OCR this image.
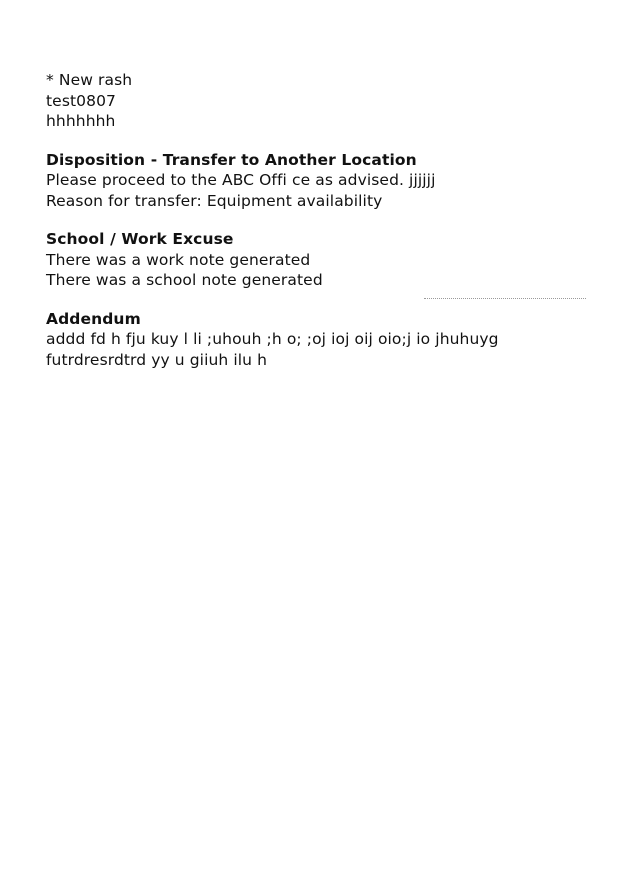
* New rash
test0807
hhhhhhh
Disposition - Transfer to Another Location
Please proceed to the ABC Offi ce as advised. jjjjjj
Reason for transfer: Equipment availability
School / Work Excuse
There was a work note generated
There was a school note generated
Addendum
addd fd h fju kuy l li ;uhouh ;h o; ;oj ioj oij oio;j io jhuhuyg
futrdresrdtrd yy u giiuh ilu h
